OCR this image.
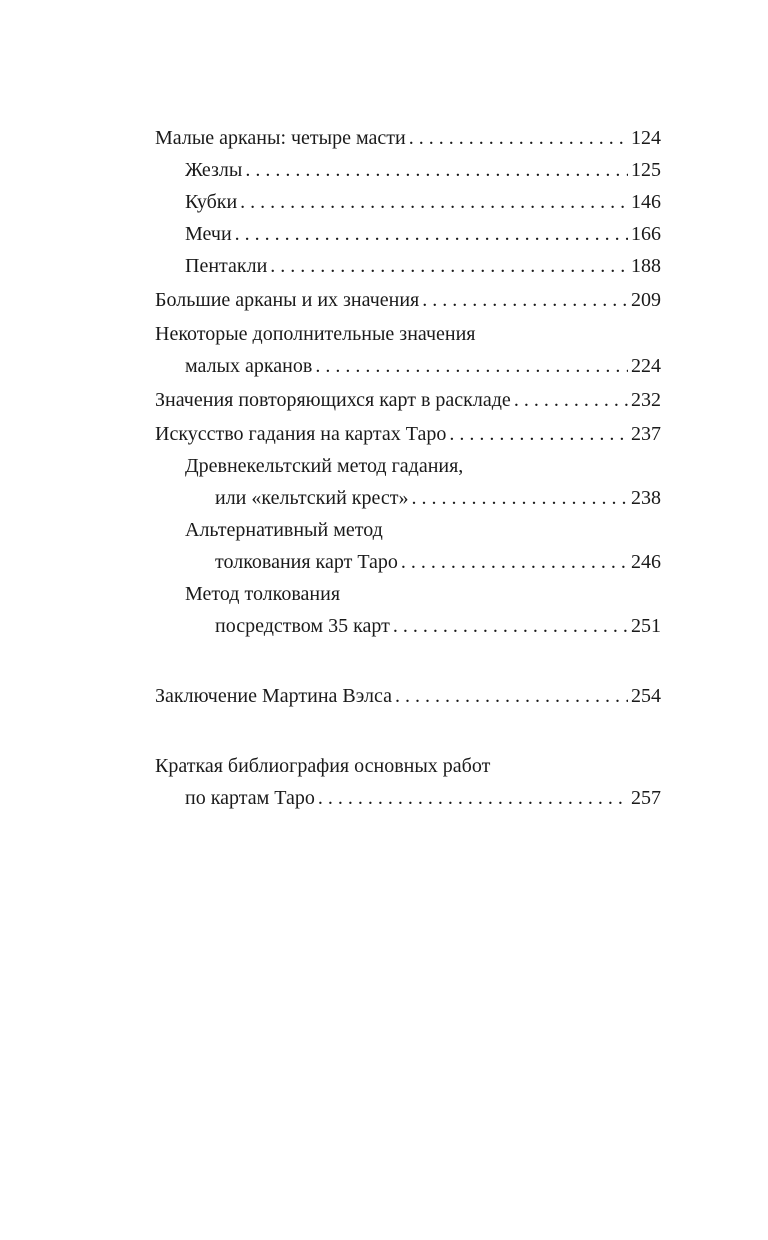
Малые арканы: четыре масти . . .	124
Жезлы . . .	125
Кубки . . .	146
Мечи . . .	166
Пентакли . . .	188
Большие арканы и их значения . . .	209
Некоторые дополнительные значения
малых арканов . . .	224
Значения повторяющихся карт в раскладе . . .	232
Искусство гадания на картах Таро . . .	237
Древнекельтский метод гадания,
или «кельтский крест» . . .	238
Альтернативный метод
толкования карт Таро . . .	246
Метод толкования
посредством 35 карт . . .	251
Заключение Мартина Вэлса . . .	254
Краткая библиография основных работ
по картам Таро . . .	257
